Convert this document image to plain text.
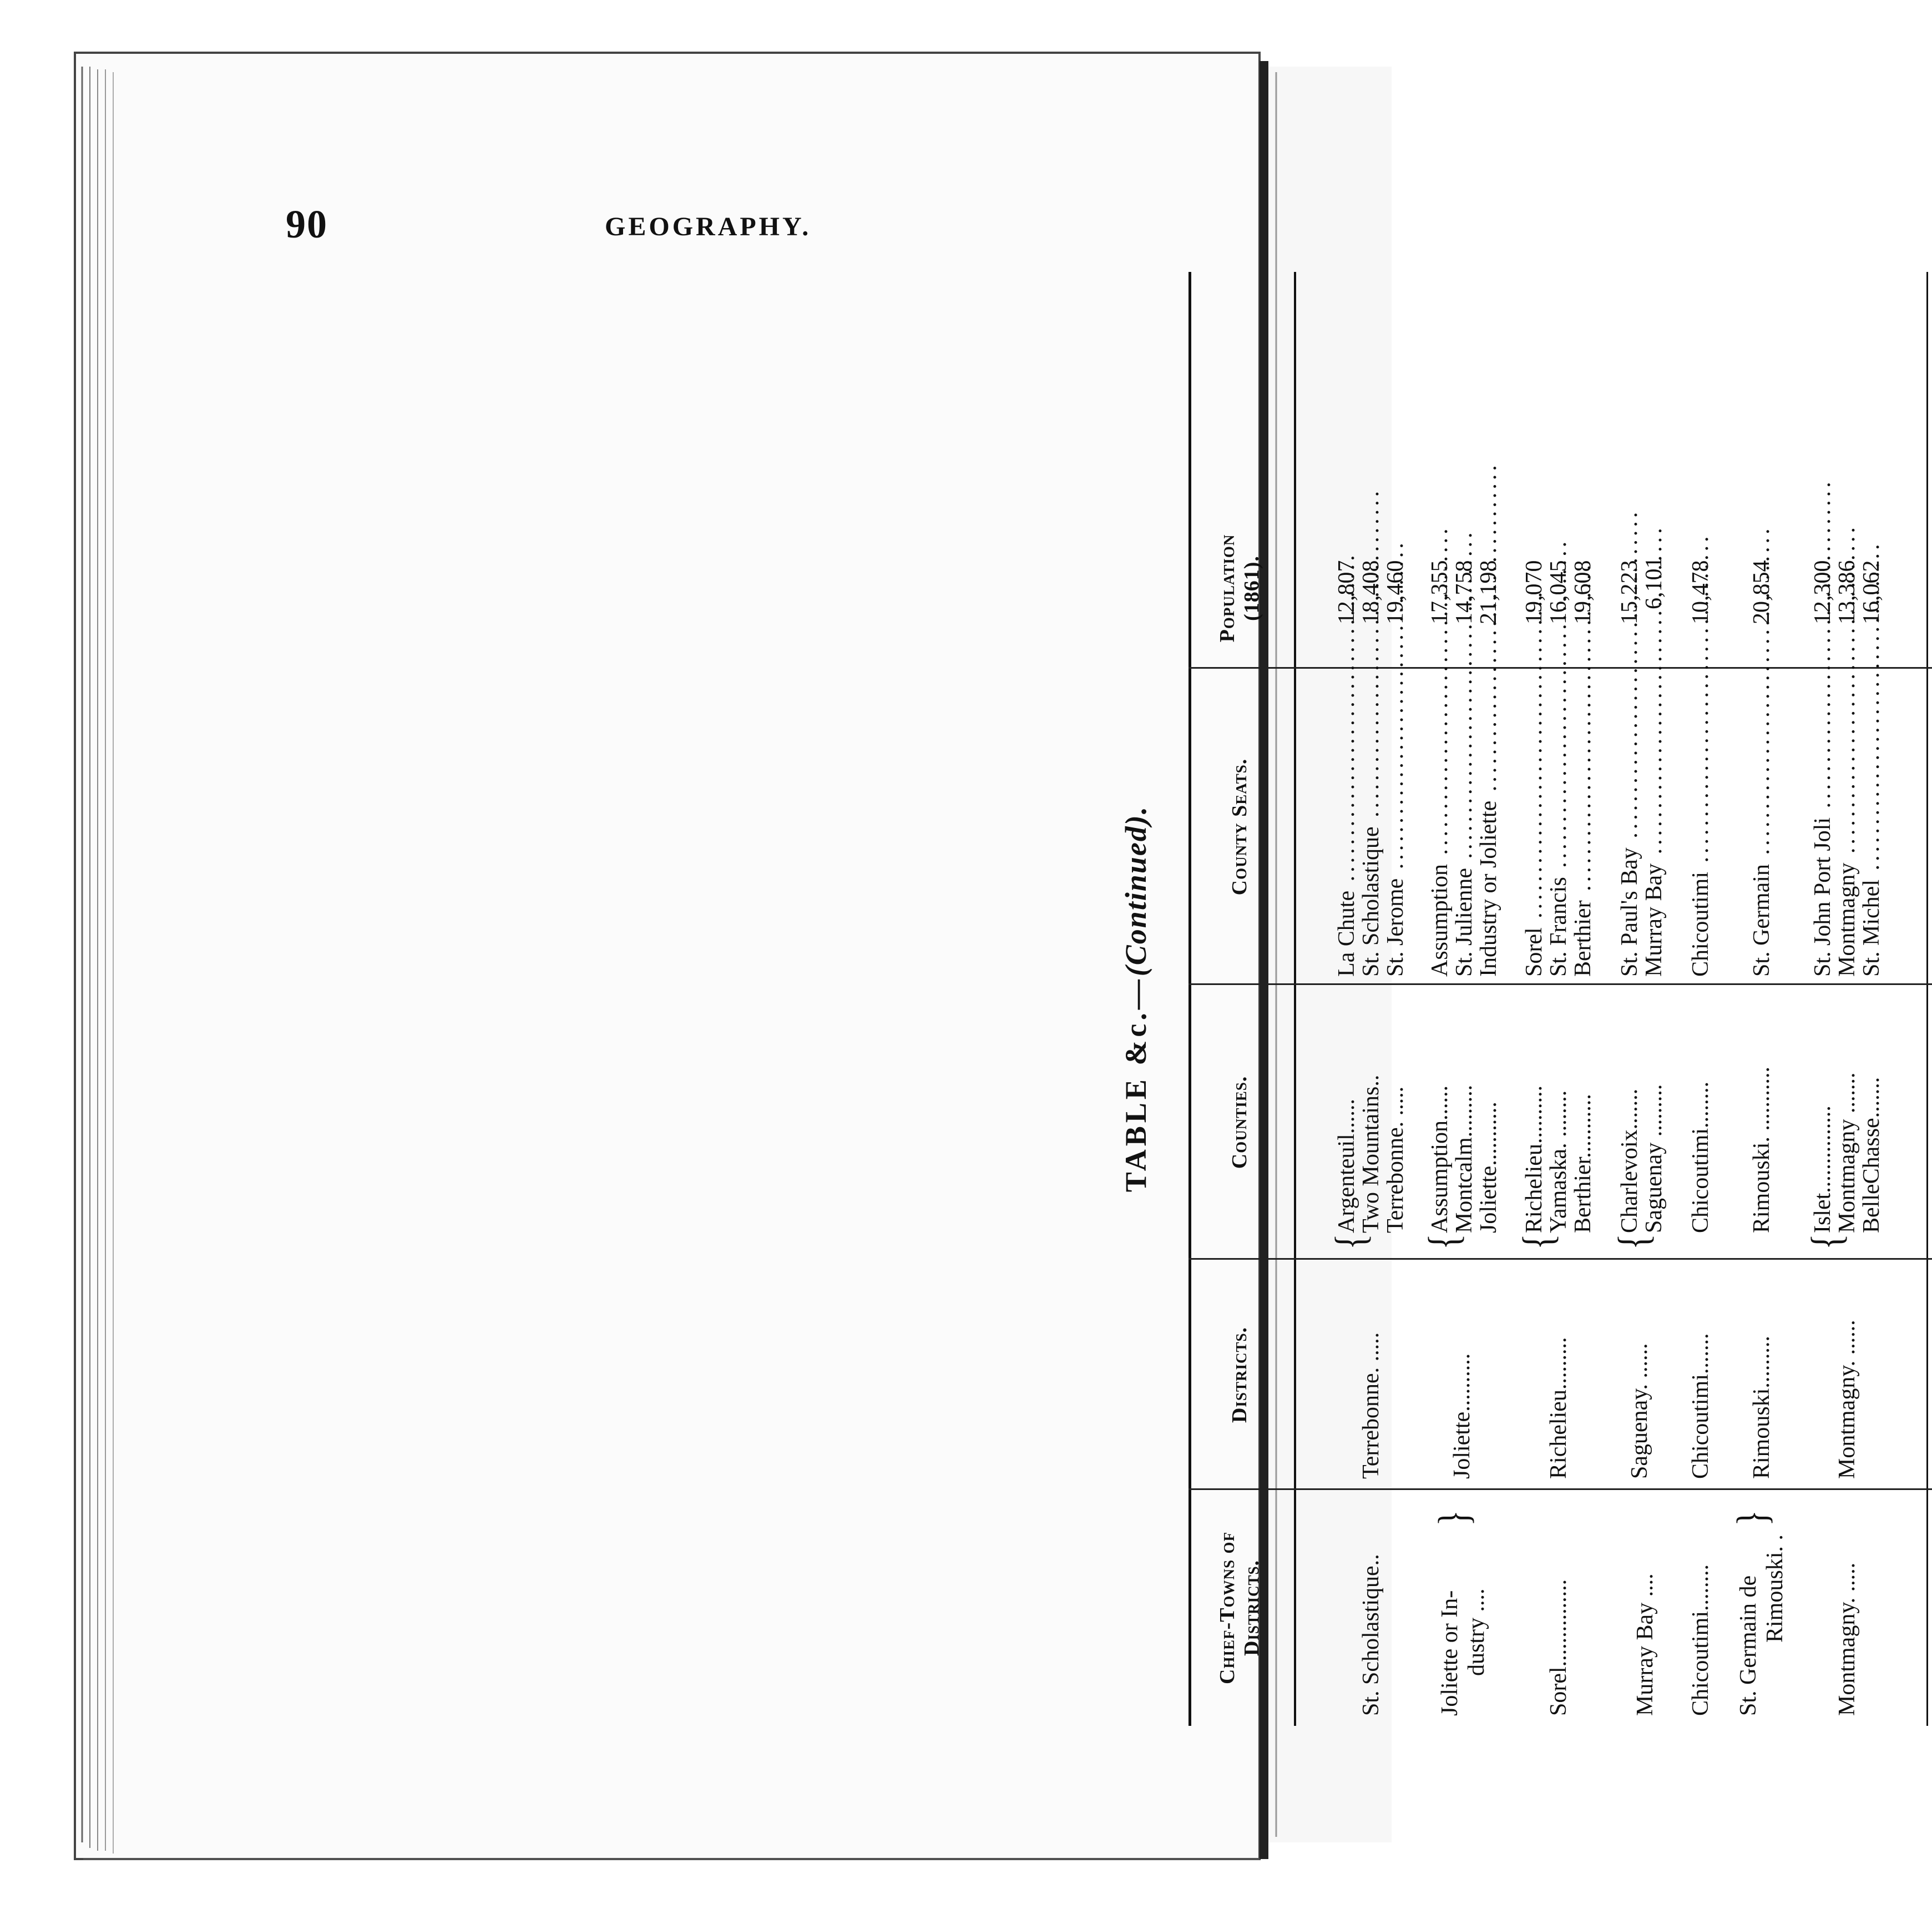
90	GEOGRAPHY.
TABLE &c.—(Continued).
Chief-Towns of Districts.
Districts.
Counties.
County Seats.
Population (1861).
St. Scholastique..
Terrebonne. .....
{
Argenteuil......
Two Mountains..
Terrebonne. .....
La Chute .....
St. Scholastique .....
St. Jerome .....
12,807
18,408
19,460
Joliette or In- dustry ....
}
Joliette..........
{
Assumption......
Montcalm.........
Joliette...........
Assumption .....
St. Julienne .....
Industry or Joliette .....
17,355
14,758
21,198
Sorel...............
Richelieu.........
{
Richelieu..........
Yamaska. ........
Berthier...........
Sorel .....
St. Francis .....
Berthier .....
19,070
16,045
19,608
Murray Bay ....
Saguenay. ......
{
Charlevoix.......
Saguenay .........
St. Paul's Bay .....
Murray Bay .....
15,223
6,101
Chicoutimi........
Chicoutimi.......
Chicoutimi........
Chicoutimi .....
10,478
St. Germain de Rimouski. .
}
Rimouski.........
Rimouski. ...........
St. Germain .....
20,854
Montmagny. .....
Montmagny. ......
{
Islet...............
Montmagny .......
BelleChasse.......
St. John Port Joli .....
Montmagny .....
St. Michel .....
12,300
13,386
16,062
